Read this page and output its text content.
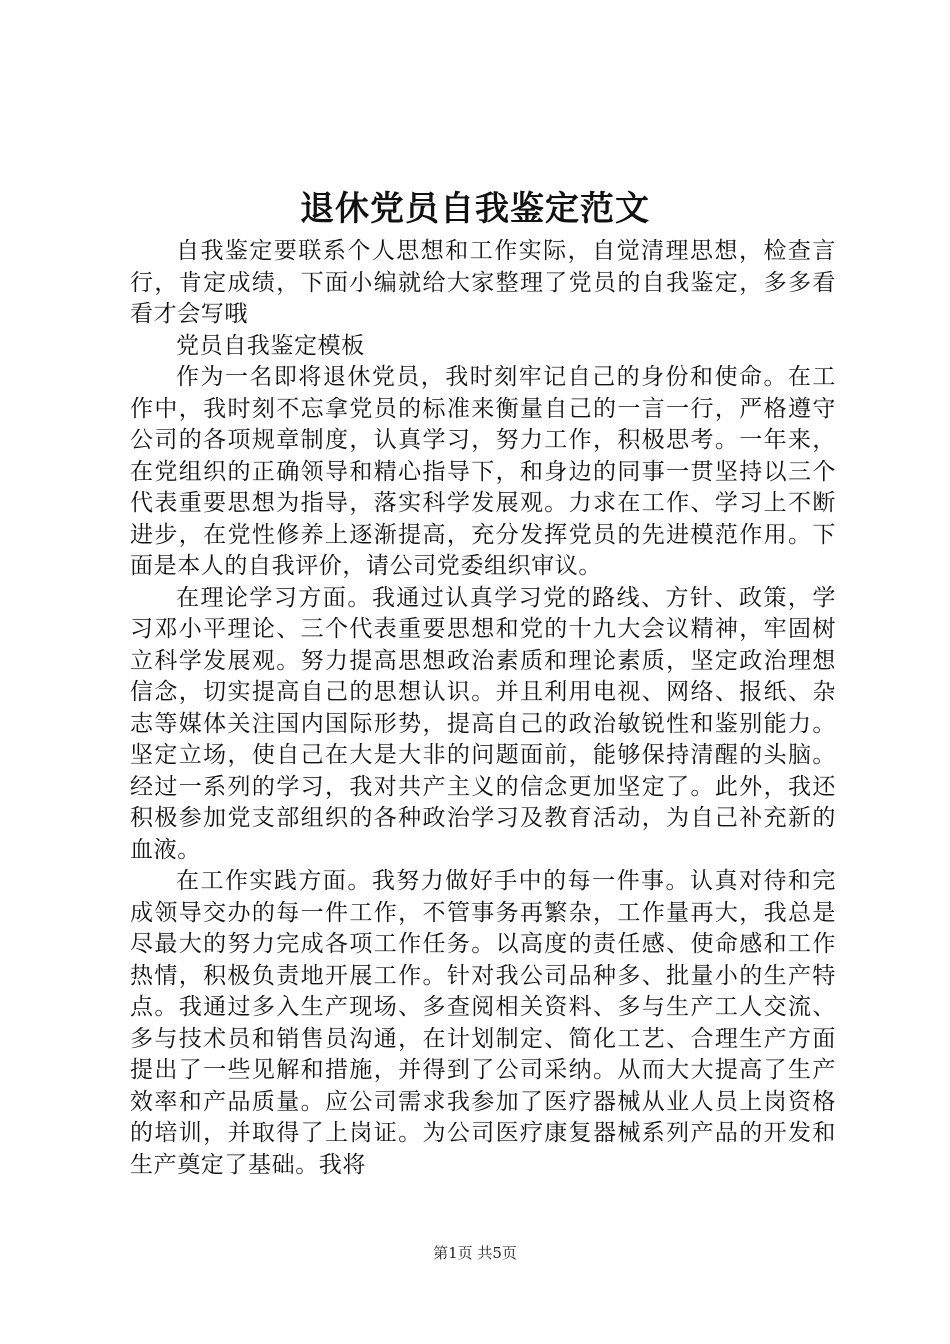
退休党员自我鉴定范文

自我鉴定要联系个人思想和工作实际，自觉清理思想，检查言行，肯定成绩，下面小编就给大家整理了党员的自我鉴定，多多看看才会写哦

党员自我鉴定模板

作为一名即将退休党员，我时刻牢记自己的身份和使命。在工作中，我时刻不忘拿党员的标准来衡量自己的一言一行，严格遵守公司的各项规章制度，认真学习，努力工作，积极思考。一年来，在党组织的正确领导和精心指导下，和身边的同事一贯坚持以三个代表重要思想为指导，落实科学发展观。力求在工作、学习上不断进步，在党性修养上逐渐提高，充分发挥党员的先进模范作用。下面是本人的自我评价，请公司党委组织审议。

在理论学习方面。我通过认真学习党的路线、方针、政策，学习邓小平理论、三个代表重要思想和党的十九大会议精神，牢固树立科学发展观。努力提高思想政治素质和理论素质，坚定政治理想信念，切实提高自己的思想认识。并且利用电视、网络、报纸、杂志等媒体关注国内国际形势，提高自己的政治敏锐性和鉴别能力。坚定立场，使自己在大是大非的问题面前，能够保持清醒的头脑。经过一系列的学习，我对共产主义的信念更加坚定了。此外，我还积极参加党支部组织的各种政治学习及教育活动，为自己补充新的血液。

在工作实践方面。我努力做好手中的每一件事。认真对待和完成领导交办的每一件工作，不管事务再繁杂，工作量再大，我总是尽最大的努力完成各项工作任务。以高度的责任感、使命感和工作热情，积极负责地开展工作。针对我公司品种多、批量小的生产特点。我通过多入生产现场、多查阅相关资料、多与生产工人交流、多与技术员和销售员沟通，在计划制定、简化工艺、合理生产方面提出了一些见解和措施，并得到了公司采纳。从而大大提高了生产效率和产品质量。应公司需求我参加了医疗器械从业人员上岗资格的培训，并取得了上岗证。为公司医疗康复器械系列产品的开发和生产奠定了基础。我将

第1页 共5页
